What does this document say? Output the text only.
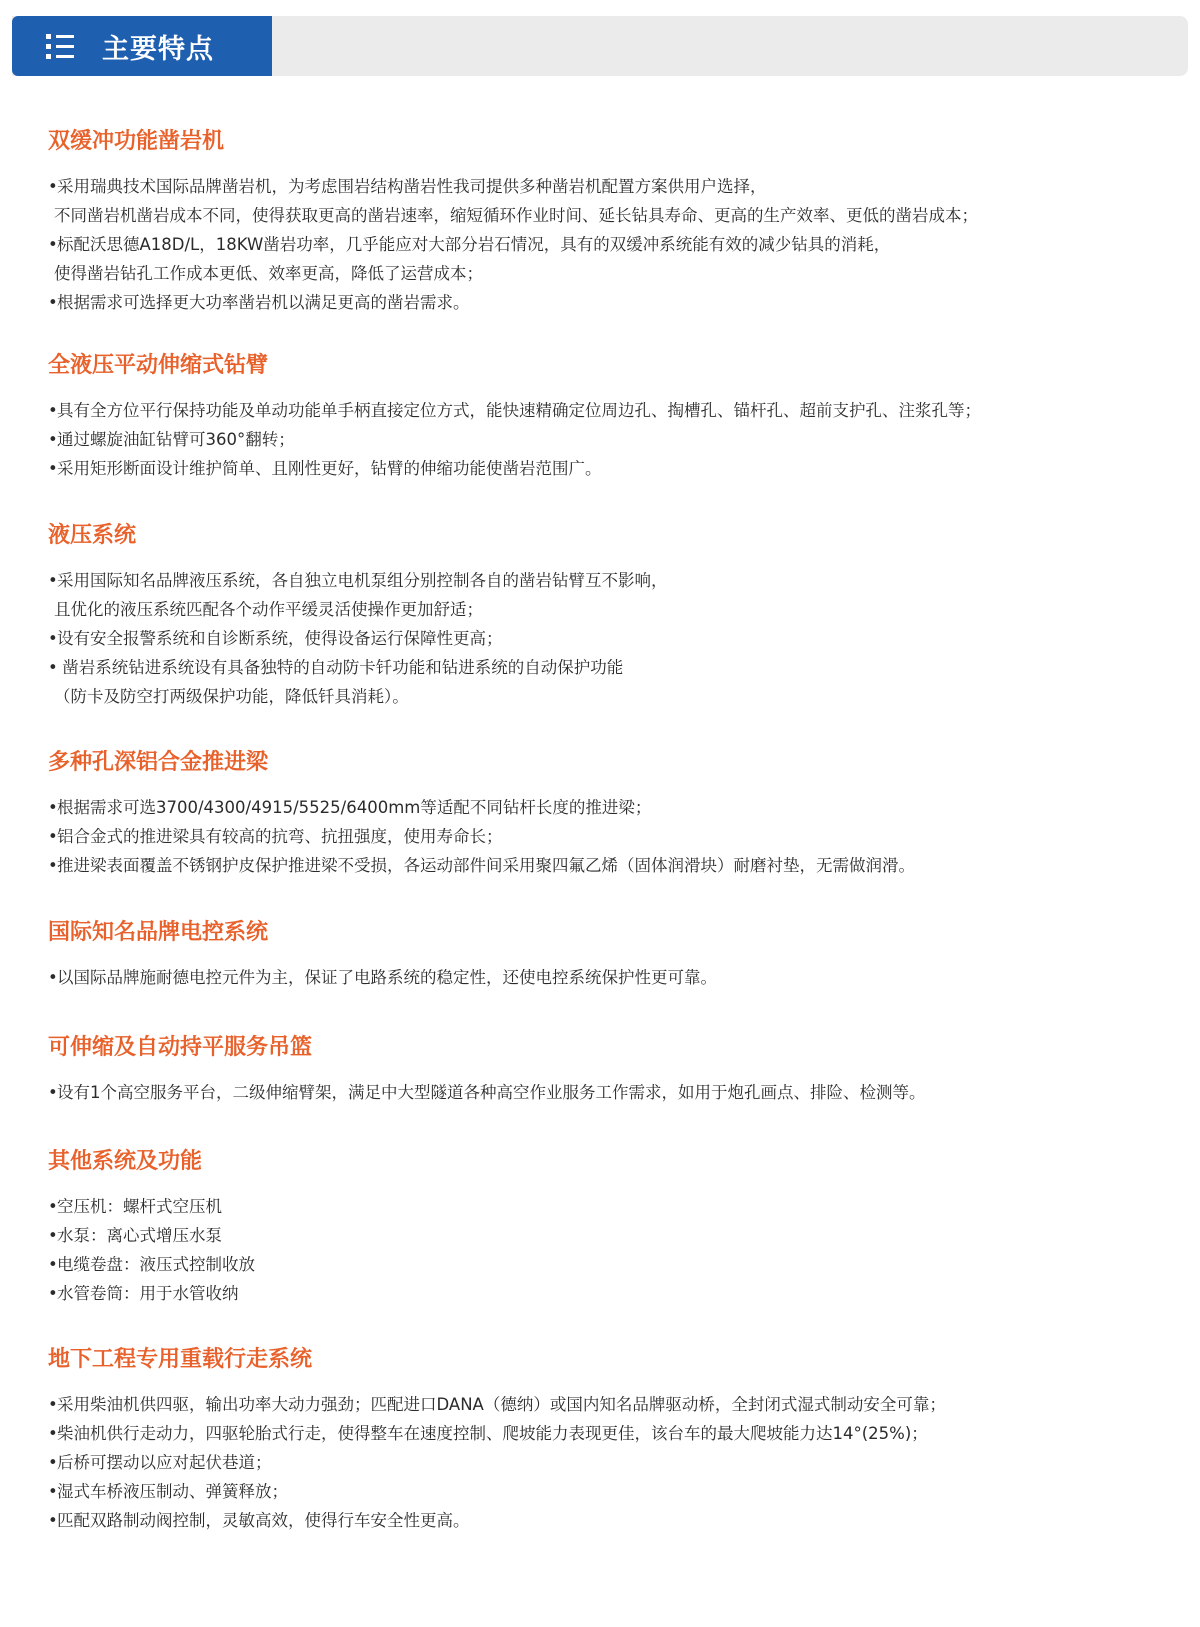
主要特点
双缓冲功能凿岩机
•采用瑞典技术国际品牌凿岩机，为考虑围岩结构凿岩性我司提供多种凿岩机配置方案供用户选择，
不同凿岩机凿岩成本不同，使得获取更高的凿岩速率，缩短循环作业时间、延长钻具寿命、更高的生产效率、更低的凿岩成本；
•标配沃思德A18D/L，18KW凿岩功率，几乎能应对大部分岩石情况，具有的双缓冲系统能有效的减少钻具的消耗，
使得凿岩钻孔工作成本更低、效率更高，降低了运营成本；
•根据需求可选择更大功率凿岩机以满足更高的凿岩需求。
全液压平动伸缩式钻臂
•具有全方位平行保持功能及单动功能单手柄直接定位方式，能快速精确定位周边孔、掏槽孔、锚杆孔、超前支护孔、注浆孔等；
•通过螺旋油缸钻臂可360°翻转；
•采用矩形断面设计维护简单、且刚性更好，钻臂的伸缩功能使凿岩范围广。
液压系统
•采用国际知名品牌液压系统，各自独立电机泵组分别控制各自的凿岩钻臂互不影响，
且优化的液压系统匹配各个动作平缓灵活使操作更加舒适；
•设有安全报警系统和自诊断系统，使得设备运行保障性更高；
• 凿岩系统钻进系统设有具备独特的自动防卡钎功能和钻进系统的自动保护功能
（防卡及防空打两级保护功能，降低钎具消耗）。
多种孔深铝合金推进梁
•根据需求可选3700/4300/4915/5525/6400mm等适配不同钻杆长度的推进梁；
•铝合金式的推进梁具有较高的抗弯、抗扭强度，使用寿命长；
•推进梁表面覆盖不锈钢护皮保护推进梁不受损，各运动部件间采用聚四氟乙烯（固体润滑块）耐磨衬垫，无需做润滑。
国际知名品牌电控系统
•以国际品牌施耐德电控元件为主，保证了电路系统的稳定性，还使电控系统保护性更可靠。
可伸缩及自动持平服务吊篮
•设有1个高空服务平台，二级伸缩臂架，满足中大型隧道各种高空作业服务工作需求，如用于炮孔画点、排险、检测等。
其他系统及功能
•空压机：螺杆式空压机
•水泵：离心式增压水泵
•电缆卷盘：液压式控制收放
•水管卷筒：用于水管收纳
地下工程专用重载行走系统
•采用柴油机供四驱，输出功率大动力强劲；匹配进口DANA（德纳）或国内知名品牌驱动桥，全封闭式湿式制动安全可靠；
•柴油机供行走动力，四驱轮胎式行走，使得整车在速度控制、爬坡能力表现更佳，该台车的最大爬坡能力达14°(25%)；
•后桥可摆动以应对起伏巷道；
•湿式车桥液压制动、弹簧释放；
•匹配双路制动阀控制，灵敏高效，使得行车安全性更高。
